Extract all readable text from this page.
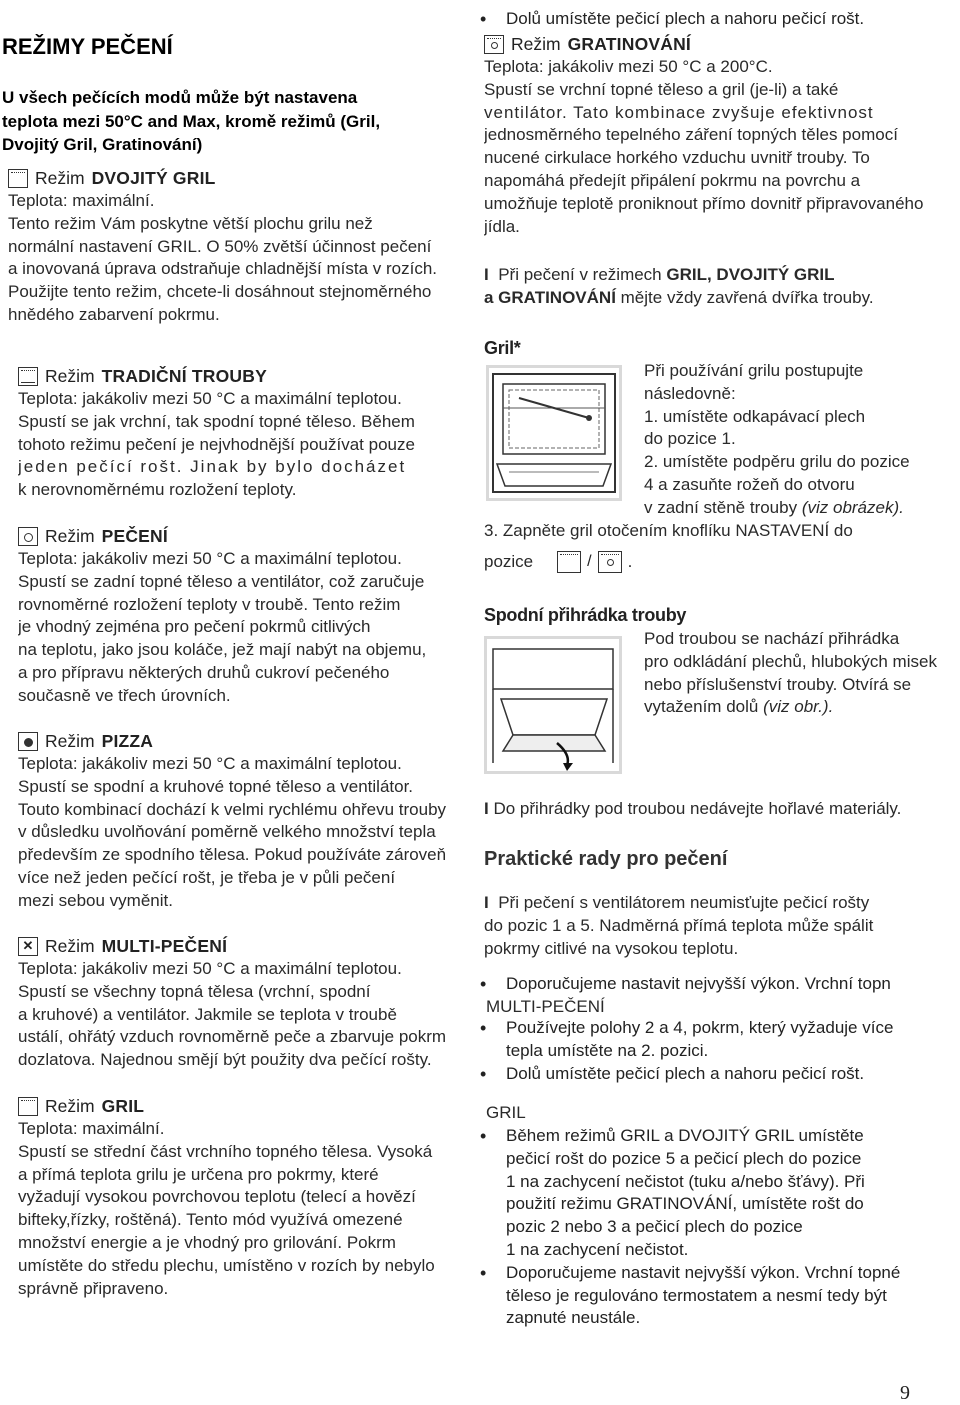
REŽIMY PEČENÍ
U všech pečících modů může být nastavena
teplota mezi 50°C and Max, kromě režimů (Gril,
Dvojitý Gril, Gratinování)
Režim DVOJITÝ GRIL

Teplota: maximální.

Tento režim Vám poskytne větší plochu grilu než

normální nastavení GRIL. O 50% zvětší účinnost pečení

a inovovaná úprava odstraňuje chladnější místa v rozích.

Použijte tento režim, chcete-li dosáhnout stejnoměrného

hnědého zabarvení pokrmu.

Režim TRADIČNÍ TROUBY

Teplota: jakákoliv mezi 50 °C a maximální teplotou.

Spustí se jak vrchní, tak spodní topné těleso. Během

tohoto režimu pečení je nejvhodnější používat pouze

jeden pečící rošt. Jinak by bylo docházet

k nerovnoměrnému rozložení teploty.

Režim PEČENÍ

Teplota: jakákoliv mezi 50 °C a maximální teplotou.

Spustí se zadní topné těleso a ventilátor, což zaručuje

rovnoměrné rozložení teploty v troubě. Tento režim

je vhodný zejména pro pečení pokrmů citlivých

na teplotu, jako jsou koláče, jež mají nabýt na objemu,

a pro přípravu některých druhů cukroví pečeného

současně ve třech úrovních.

Režim PIZZA

Teplota: jakákoliv mezi 50 °C a maximální teplotou.

Spustí se spodní a kruhové topné těleso a ventilátor.

Touto kombinací dochází k velmi rychlému ohřevu trouby

v důsledku uvolňování poměrně velkého množství tepla

především ze spodního tělesa. Pokud používáte zároveň

více než jeden pečící rošt, je třeba je v půli pečení

mezi sebou vyměnit.

✕ Režim MULTI-PEČENÍ

Teplota: jakákoliv mezi 50 °C a maximální teplotou.

Spustí se všechny topná tělesa (vrchní, spodní

a kruhové) a ventilátor. Jakmile se teplota v troubě

ustálí, ohřátý vzduch rovnoměrně peče a zbarvuje pokrm

dozlatova. Najednou smějí být použity dva pečící rošty.

Režim GRIL

Teplota: maximální.

Spustí se střední část vrchního topného tělesa. Vysoká

a přímá teplota grilu je určena pro pokrmy, které

vyžadují vysokou povrchovou teplotu (telecí a hovězí

bifteky,řízky, roštěná). Tento mód využívá omezené

množství energie a je vhodný pro grilování. Pokrm

umístěte do středu plechu, umístěno v rozích by nebylo

správně připraveno.

• Dolů umístěte pečicí plech a nahoru pečicí rošt.
Režim GRATINOVÁNÍ

Teplota: jakákoliv mezi 50 °C a 200°C.

Spustí se vrchní topné těleso a gril (je-li) a také

ventilátor. Tato kombinace zvyšuje efektivnost

jednosměrného tepelného záření topných těles pomocí

nucené cirkulace horkého vzduchu uvnitř trouby. To

napomáhá předejít připálení pokrmu na povrchu a

umožňuje teplotě proniknout přímo dovnitř připravovaného

jídla.

I Při pečení v režimech GRIL, DVOJITÝ GRIL

a GRATINOVÁNÍ mějte vždy zavřená dvířka trouby.

Gril*

Při používání grilu postupujte

následovně:

1. umístěte odkapávací plech

do pozice 1.

2. umístěte podpěru grilu do pozice

4 a zasuňte rožeň do otvoru

v zadní stěně trouby (viz obrázek).

3. Zapněte gril otočením knoflíku NASTAVENÍ do

pozice	/ .
Spodní přihrádka trouby

Pod troubou se nachází přihrádka

pro odkládání plechů, hlubokých misek

nebo příslušenství trouby. Otvírá se

vytažením dolů (viz obr.).

I Do přihrádky pod troubou nedávejte hořlavé materiály.

Praktické rady pro pečení

I Při pečení s ventilátorem neumisťujte pečicí rošty

do pozic 1 a 5. Nadměrná přímá teplota může spálit

pokrmy citlivé na vysokou teplotu.

• Doporučujeme nastavit nejvyšší výkon. Vrchní topn
MULTI-PEČENÍ
• Používejte polohy 2 a 4, pokrm, který vyžaduje více
tepla umístěte na 2. pozici.
• Dolů umístěte pečicí plech a nahoru pečicí rošt.
GRIL
• Během režimů GRIL a DVOJITÝ GRIL umístěte
pečicí rošt do pozice 5 a pečicí plech do pozice
1 na zachycení nečistot (tuku a/nebo šťávy). Při
použití režimu GRATINOVÁNÍ, umístěte rošt do
pozic 2 nebo 3 a pečicí plech do pozice
1 na zachycení nečistot.
• Doporučujeme nastavit nejvyšší výkon. Vrchní topné
těleso je regulováno termostatem a nesmí tedy být
zapnuté neustále.
9
